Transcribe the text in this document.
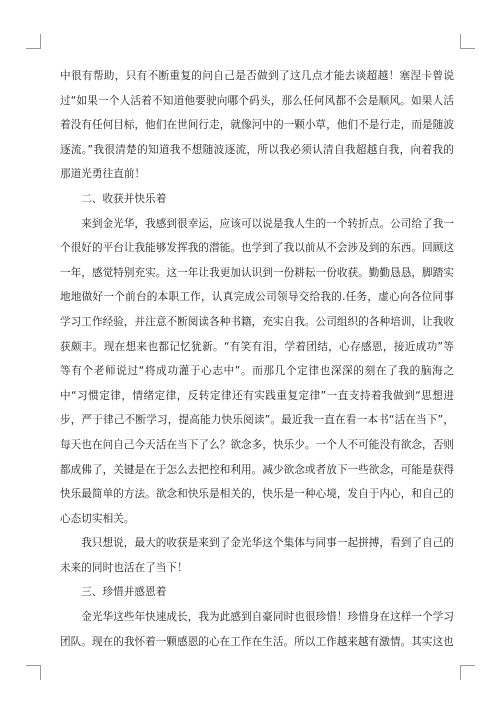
中很有帮助，只有不断重复的问自己是否做到了这几点才能去谈超越！塞涅卡曾说过“如果一个人活着不知道他要驶向哪个码头，那么任何风都不会是顺风。如果人活着没有任何目标，他们在世间行走，就像河中的一颗小草，他们不是行走，而是随波逐流。”我很清楚的知道我不想随波逐流，所以我必须认清自我超越自我，向着我的那道光勇往直前！

二、收获并快乐着

来到金光华，我感到很幸运，应该可以说是我人生的一个转折点。公司给了我一个很好的平台让我能够发挥我的潜能。也学到了我以前从不会涉及到的东西。回顾这一年，感觉特别充实。这一年让我更加认识到一份耕耘一份收获。勤勤恳恳，脚踏实地地做好一个前台的本职工作，认真完成公司领导交给我的.任务，虚心向各位同事学习工作经验，并注意不断阅读各种书籍，充实自我。公司组织的各种培训，让我收获颇丰。现在想来也都记忆犹新。“有笑有泪，学着团结，心存感恩，接近成功”等等有个老师说过“将成功灌于心志中”。而那几个定律也深深的刻在了我的脑海之中“习惯定律，情绪定律，反转定律还有实践重复定律”一直支持着我做到“思想进步，严于律己不断学习，提高能力快乐阅读”。最近我一直在看一本书“活在当下”，每天也在问自己今天活在当下了么？欲念多，快乐少。一个人不可能没有欲念，否则都成佛了，关键是在于怎么去把控和利用。减少欲念或者放下一些欲念，可能是获得快乐最简单的方法。欲念和快乐是相关的，快乐是一种心境，发自于内心，和自己的心态切实相关。

我只想说，最大的收获是来到了金光华这个集体与同事一起拼搏，看到了自己的未来的同时也活在了当下！

三、珍惜并感恩着

金光华这些年快速成长，我为此感到自豪同时也很珍惜！珍惜身在这样一个学习团队。现在的我怀着一颗感恩的心在工作在生活。所以工作越来越有激情。其实这也
